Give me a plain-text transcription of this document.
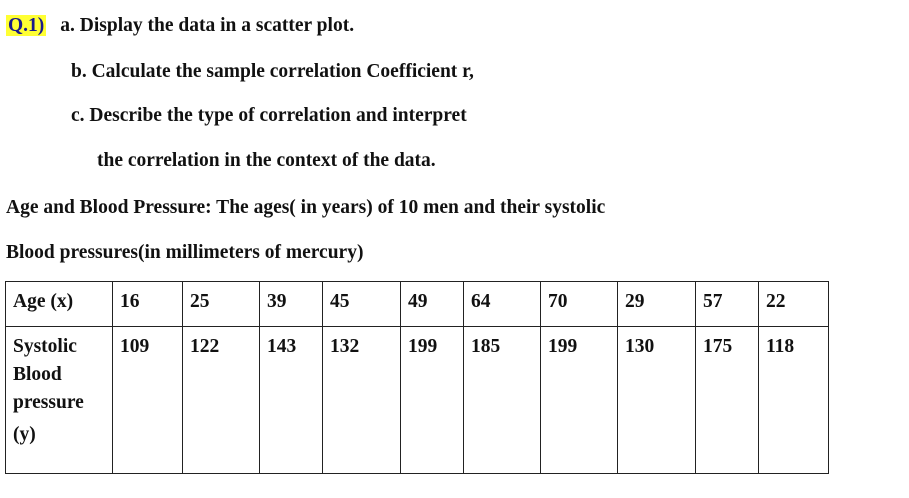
Q.1) a. Display the data in a scatter plot.
b. Calculate the sample correlation Coefficient r,
c. Describe the type of correlation and interpret
the correlation in the context of the data.
Age and Blood Pressure: The ages( in years) of 10 men and their systolic
Blood pressures(in millimeters of mercury)
Age (x)	16	25	39	45	49	64	70	29	57	22

Systolic
Blood
pressure
(y)	109	122	143	132	199	185	199	130	175	118
